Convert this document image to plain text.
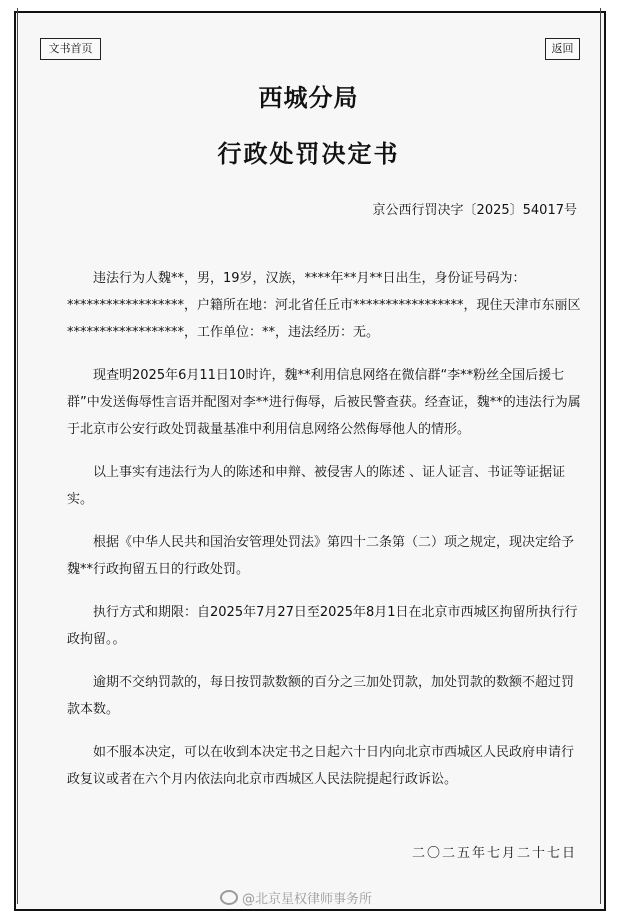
文书首页	返回
西城分局
行政处罚决定书
京公西行罚决字〔2025〕54017号

违法行为人魏**，男，19岁，汉族，****年**月**日出生，身份证号码为：******************，户籍所在地：河北省任丘市*****************，现住天津市东丽区******************，工作单位：**，违法经历：无。

现查明2025年6月11日10时许，魏**利用信息网络在微信群“李**粉丝全国后援七群”中发送侮辱性言语并配图对李**进行侮辱，后被民警查获。经查证，魏**的违法行为属于北京市公安行政处罚裁量基准中利用信息网络公然侮辱他人的情形。

以上事实有违法行为人的陈述和申辩、被侵害人的陈述 、证人证言、书证等证据证实。

根据《中华人民共和国治安管理处罚法》第四十二条第（二）项之规定，现决定给予魏**行政拘留五日的行政处罚。

执行方式和期限：自2025年7月27日至2025年8月1日在北京市西城区拘留所执行行政拘留。。

逾期不交纳罚款的，每日按罚款数额的百分之三加处罚款，加处罚款的数额不超过罚款本数。

如不服本决定，可以在收到本决定书之日起六十日内向北京市西城区人民政府申请行政复议或者在六个月内依法向北京市西城区人民法院提起行政诉讼。

二〇二五年七月二十七日
@北京星权律师事务所
